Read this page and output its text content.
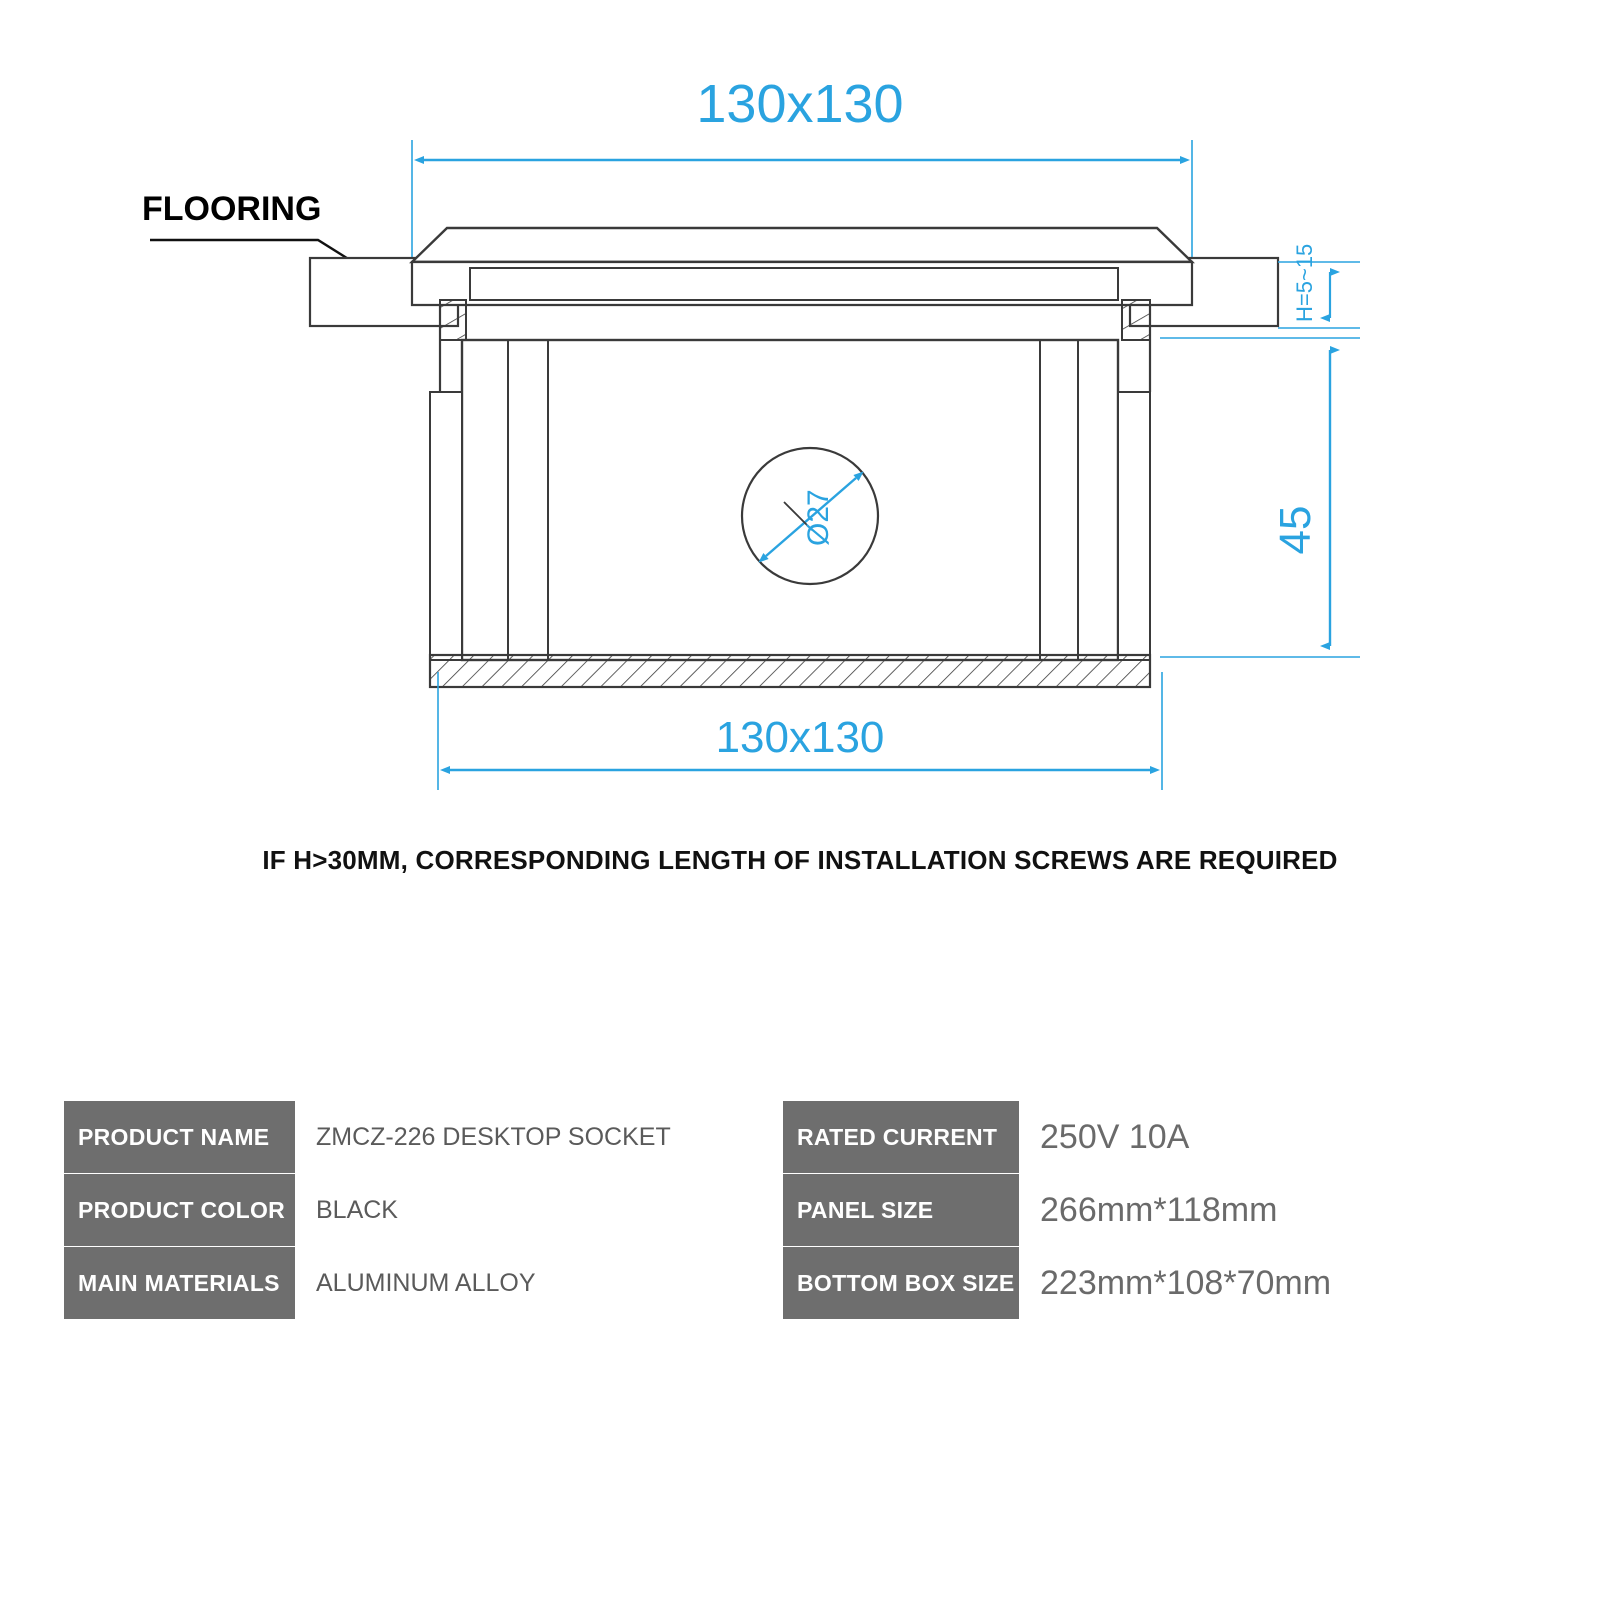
Ø27
H=5~15
45
130x130
FLOORING
130x130
IF H>30MM, CORRESPONDING LENGTH OF INSTALLATION SCREWS ARE REQUIRED
PRODUCT NAME	ZMCZ-226 DESKTOP SOCKET	RATED CURRENT	250V 10A
PRODUCT COLOR	BLACK	PANEL SIZE	266mm*118mm
MAIN MATERIALS	ALUMINUM ALLOY	BOTTOM BOX SIZE	223mm*108*70mm
